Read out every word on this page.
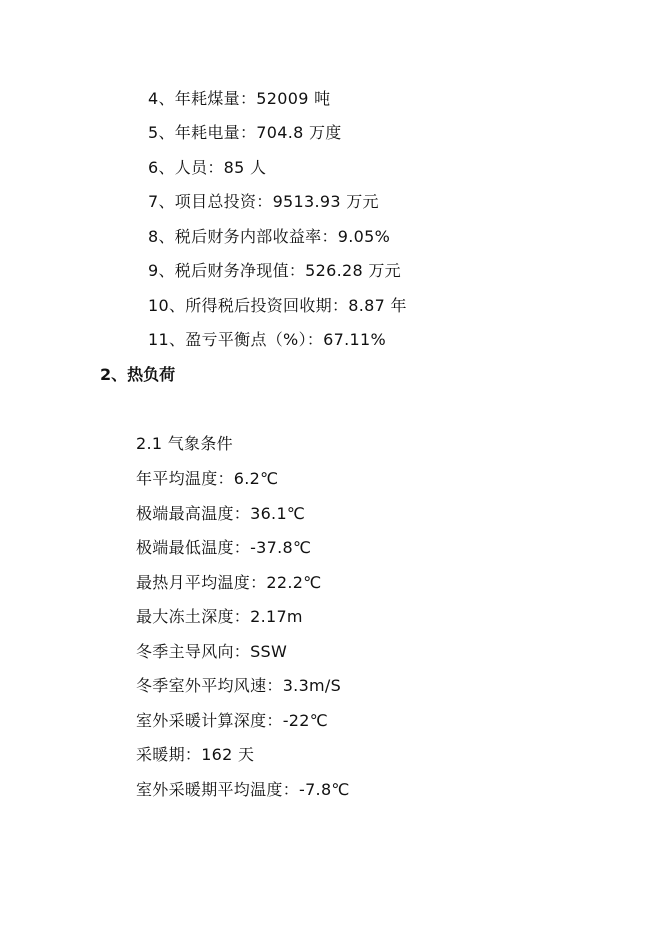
4、年耗煤量：52009 吨
5、年耗电量：704.8 万度
6、人员：85 人
7、项目总投资：9513.93 万元
8、税后财务内部收益率：9.05%
9、税后财务净现值：526.28 万元
10、所得税后投资回收期：8.87 年
11、盈亏平衡点（%）：67.11%
2、热负荷
2.1 气象条件
年平均温度：6.2℃
极端最高温度：36.1℃
极端最低温度：-37.8℃
最热月平均温度：22.2℃
最大冻土深度：2.17m
冬季主导风向：SSW
冬季室外平均风速：3.3m/S
室外采暖计算深度：-22℃
采暖期：162 天
室外采暖期平均温度：-7.8℃
